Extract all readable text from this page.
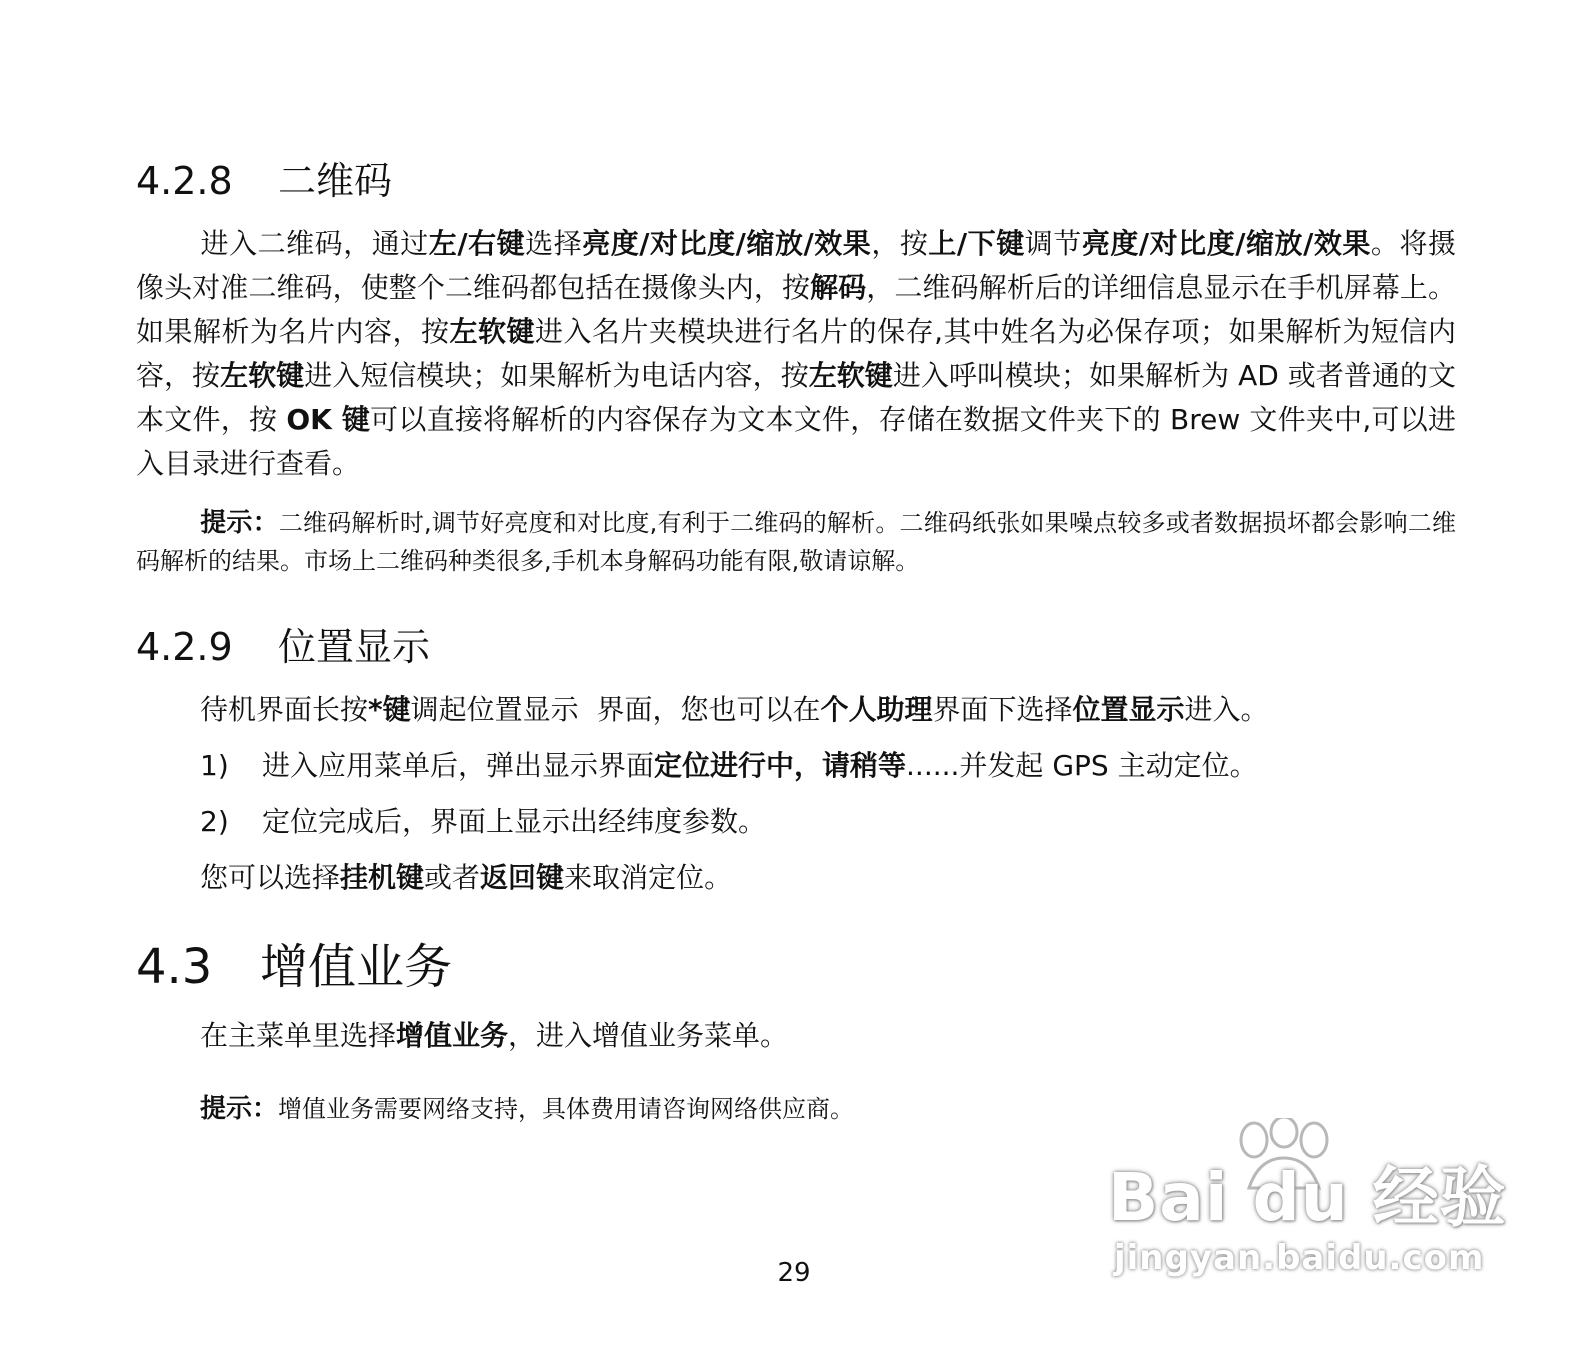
4.2.8 二维码
进入二维码，通过左/右键选择亮度/对比度/缩放/效果，按上/下键调节亮度/对比度/缩放/效果。将摄像头对准二维码，使整个二维码都包括在摄像头内，按解码，二维码解析后的详细信息显示在手机屏幕上。如果解析为名片内容，按左软键进入名片夹模块进行名片的保存,其中姓名为必保存项；如果解析为短信内容，按左软键进入短信模块；如果解析为电话内容，按左软键进入呼叫模块；如果解析为 AD 或者普通的文本文件，按 OK 键可以直接将解析的内容保存为文本文件，存储在数据文件夹下的 Brew 文件夹中,可以进入目录进行查看。
提示：二维码解析时,调节好亮度和对比度,有利于二维码的解析。二维码纸张如果噪点较多或者数据损坏都会影响二维码解析的结果。市场上二维码种类很多,手机本身解码功能有限,敬请谅解。
4.2.9 位置显示
待机界面长按*键调起位置显示  界面，您也可以在个人助理界面下选择位置显示进入。
1) 进入应用菜单后，弹出显示界面定位进行中，请稍等......并发起 GPS 主动定位。
2) 定位完成后，界面上显示出经纬度参数。
您可以选择挂机键或者返回键来取消定位。
4.3 增值业务
在主菜单里选择增值业务，进入增值业务菜单。
提示：增值业务需要网络支持，具体费用请咨询网络供应商。
Bai du 经验
jingyan.baidu.com
29
